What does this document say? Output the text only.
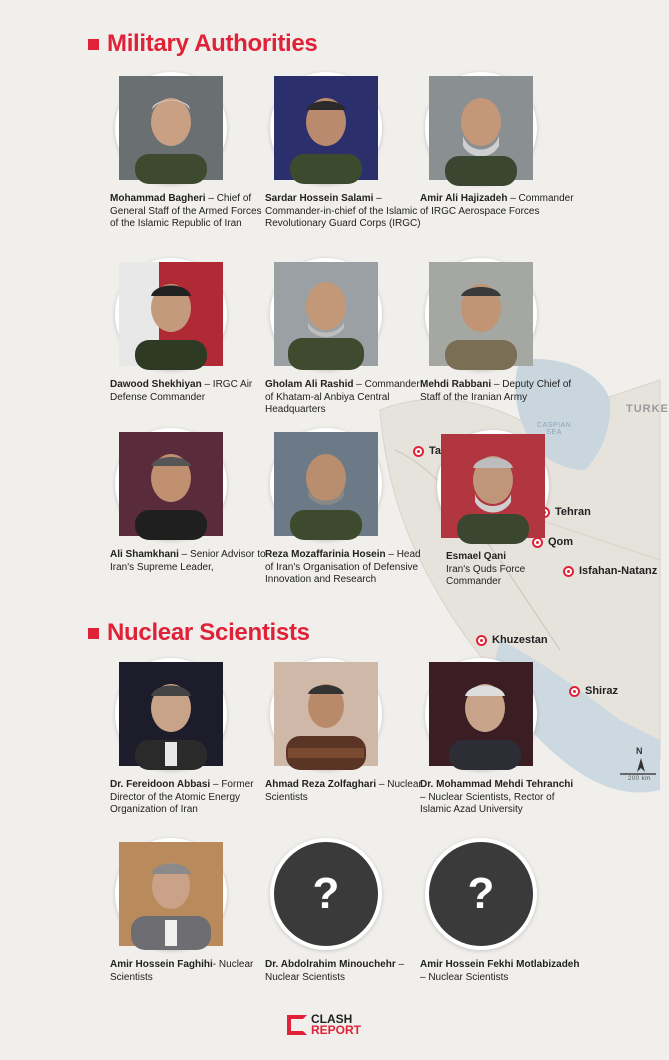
CASPIAN
SEA
TURKE
N
200 km
Ta
Tehran
Qom
Isfahan-Natanz
Khuzestan
Shiraz
Military Authorities
Nuclear Scientists
Mohammad Bagheri – Chief of General Staff of the Armed Forces of the Islamic Republic of Iran
Sardar Hossein Salami – Commander-in-chief of the Islamic Revolutionary Guard Corps (IRGC)
Amir Ali Hajizadeh – Commander of IRGC Aerospace Forces
Dawood Shekhiyan – IRGC Air Defense Commander
Gholam Ali Rashid – Commander of Khatam-al Anbiya Central Headquarters
Mehdi Rabbani – Deputy Chief of Staff of the Iranian Army
Ali Shamkhani – Senior Advisor to Iran's Supreme Leader,
Reza Mozaffarinia Hosein – Head of Iran's Organisation of Defensive Innovation and Research
Esmael Qani
Iran's Quds Force Commander
Dr. Fereidoon Abbasi – Former Director of the Atomic Energy Organization of Iran
Ahmad Reza Zolfaghari – Nuclear Scientists
Dr. Mohammad Mehdi Tehranchi – Nuclear Scientists, Rector of Islamic Azad University
Amir Hossein Faghihi- Nuclear Scientists
?
Dr. Abdolrahim Minouchehr – Nuclear Scientists
?
Amir Hossein Fekhi Motlabizadeh – Nuclear Scientists
CLASH
REPORT
